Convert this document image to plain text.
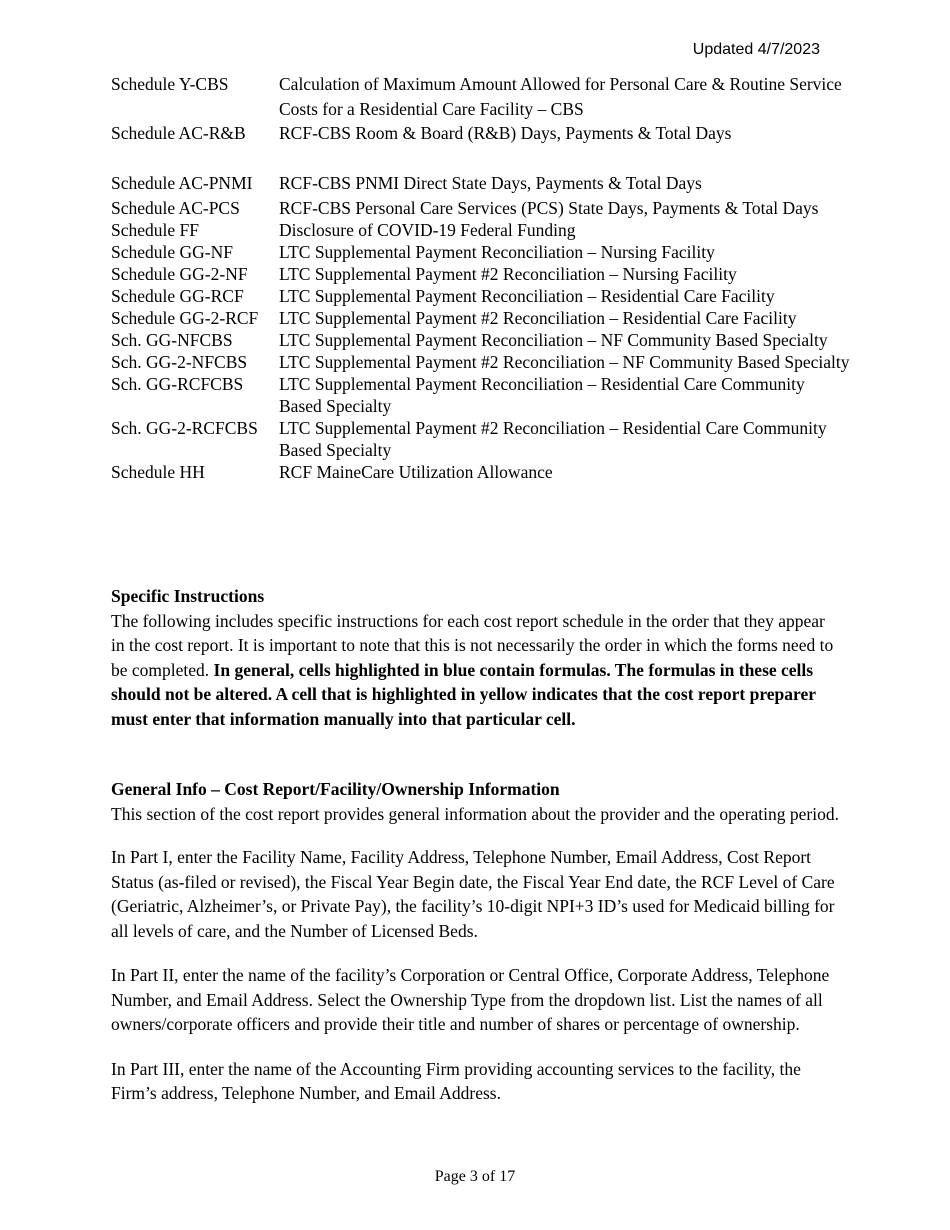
Updated 4/7/2023
Schedule Y-CBS	Calculation of Maximum Amount Allowed for Personal Care & Routine Service Costs for a Residential Care Facility – CBS
Schedule AC-R&B	RCF-CBS Room & Board (R&B) Days, Payments & Total Days
Schedule AC-PNMI	RCF-CBS PNMI Direct State Days, Payments & Total Days
Schedule AC-PCS	RCF-CBS Personal Care Services (PCS) State Days, Payments & Total Days
Schedule FF	Disclosure of COVID-19 Federal Funding
Schedule GG-NF	LTC Supplemental Payment Reconciliation – Nursing Facility
Schedule GG-2-NF	LTC Supplemental Payment #2 Reconciliation – Nursing Facility
Schedule GG-RCF	LTC Supplemental Payment Reconciliation – Residential Care Facility
Schedule GG-2-RCF	LTC Supplemental Payment #2 Reconciliation – Residential Care Facility
Sch. GG-NFCBS	LTC Supplemental Payment Reconciliation – NF Community Based Specialty
Sch. GG-2-NFCBS	LTC Supplemental Payment #2 Reconciliation – NF Community Based Specialty
Sch. GG-RCFCBS	LTC Supplemental Payment Reconciliation – Residential Care Community Based Specialty
Sch. GG-2-RCFCBS	LTC Supplemental Payment #2 Reconciliation – Residential Care Community Based Specialty
Schedule HH	RCF MaineCare Utilization Allowance

Specific Instructions

The following includes specific instructions for each cost report schedule in the order that they appear in the cost report. It is important to note that this is not necessarily the order in which the forms need to be completed. In general, cells highlighted in blue contain formulas. The formulas in these cells should not be altered. A cell that is highlighted in yellow indicates that the cost report preparer must enter that information manually into that particular cell.

General Info – Cost Report/Facility/Ownership Information

This section of the cost report provides general information about the provider and the operating period.

In Part I, enter the Facility Name, Facility Address, Telephone Number, Email Address, Cost Report Status (as-filed or revised), the Fiscal Year Begin date, the Fiscal Year End date, the RCF Level of Care (Geriatric, Alzheimer’s, or Private Pay), the facility’s 10-digit NPI+3 ID’s used for Medicaid billing for all levels of care, and the Number of Licensed Beds.

In Part II, enter the name of the facility’s Corporation or Central Office, Corporate Address, Telephone Number, and Email Address. Select the Ownership Type from the dropdown list. List the names of all owners/corporate officers and provide their title and number of shares or percentage of ownership.

In Part III, enter the name of the Accounting Firm providing accounting services to the facility, the Firm’s address, Telephone Number, and Email Address.

Page 3 of 17
